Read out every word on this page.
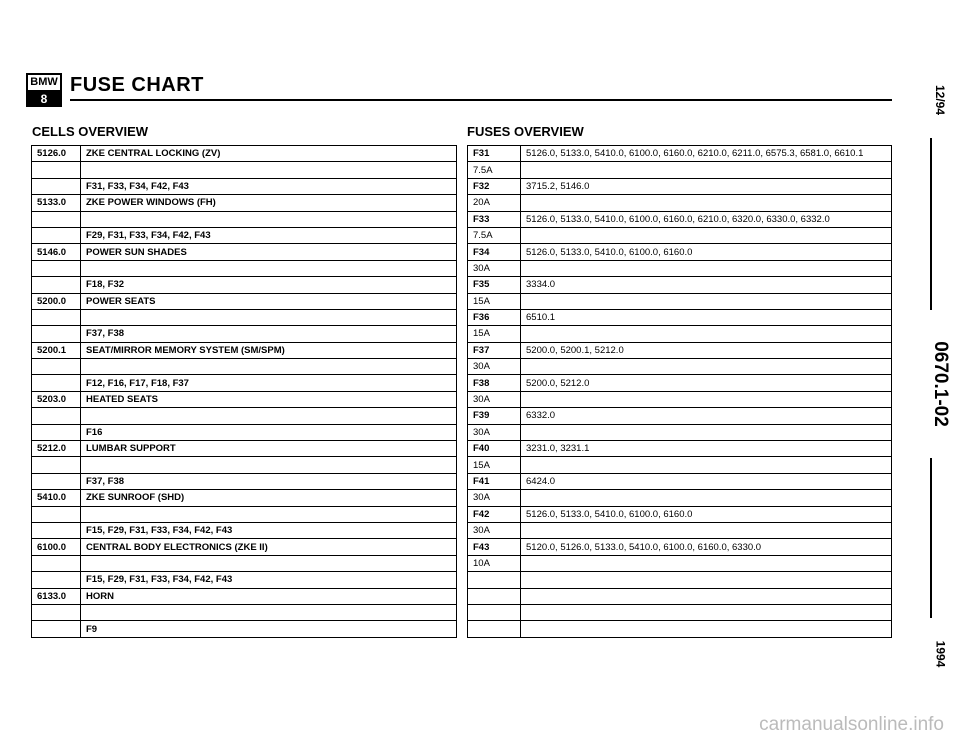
BMW
8
FUSE CHART
CELLS OVERVIEW	FUSES OVERVIEW
5126.0	ZKE CENTRAL LOCKING (ZV)

	F31, F33, F34, F42, F43
5133.0	ZKE POWER WINDOWS (FH)

	F29, F31, F33, F34, F42, F43
5146.0	POWER SUN SHADES

	F18, F32
5200.0	POWER SEATS

	F37, F38
5200.1	SEAT/MIRROR MEMORY SYSTEM (SM/SPM)

	F12, F16, F17, F18, F37
5203.0	HEATED SEATS

	F16
5212.0	LUMBAR SUPPORT

	F37, F38
5410.0	ZKE SUNROOF (SHD)

	F15, F29, F31, F33, F34, F42, F43
6100.0	CENTRAL BODY ELECTRONICS (ZKE II)

	F15, F29, F31, F33, F34, F42, F43
6133.0	HORN

	F9
F31	5126.0, 5133.0, 5410.0, 6100.0, 6160.0, 6210.0, 6211.0, 6575.3, 6581.0, 6610.1
7.5A	
F32	3715.2, 5146.0
20A	
F33	5126.0, 5133.0, 5410.0, 6100.0, 6160.0, 6210.0, 6320.0, 6330.0, 6332.0
7.5A	
F34	5126.0, 5133.0, 5410.0, 6100.0, 6160.0
30A	
F35	3334.0
15A	
F36	6510.1
15A	
F37	5200.0, 5200.1, 5212.0
30A	
F38	5200.0, 5212.0
30A	
F39	6332.0
30A	
F40	3231.0, 3231.1
15A	
F41	6424.0
30A	
F42	5126.0, 5133.0, 5410.0, 6100.0, 6160.0
30A	
F43	5120.0, 5126.0, 5133.0, 5410.0, 6100.0, 6160.0, 6330.0
10A	

12/94
0670.1-02
1994
carmanualsonline.info
